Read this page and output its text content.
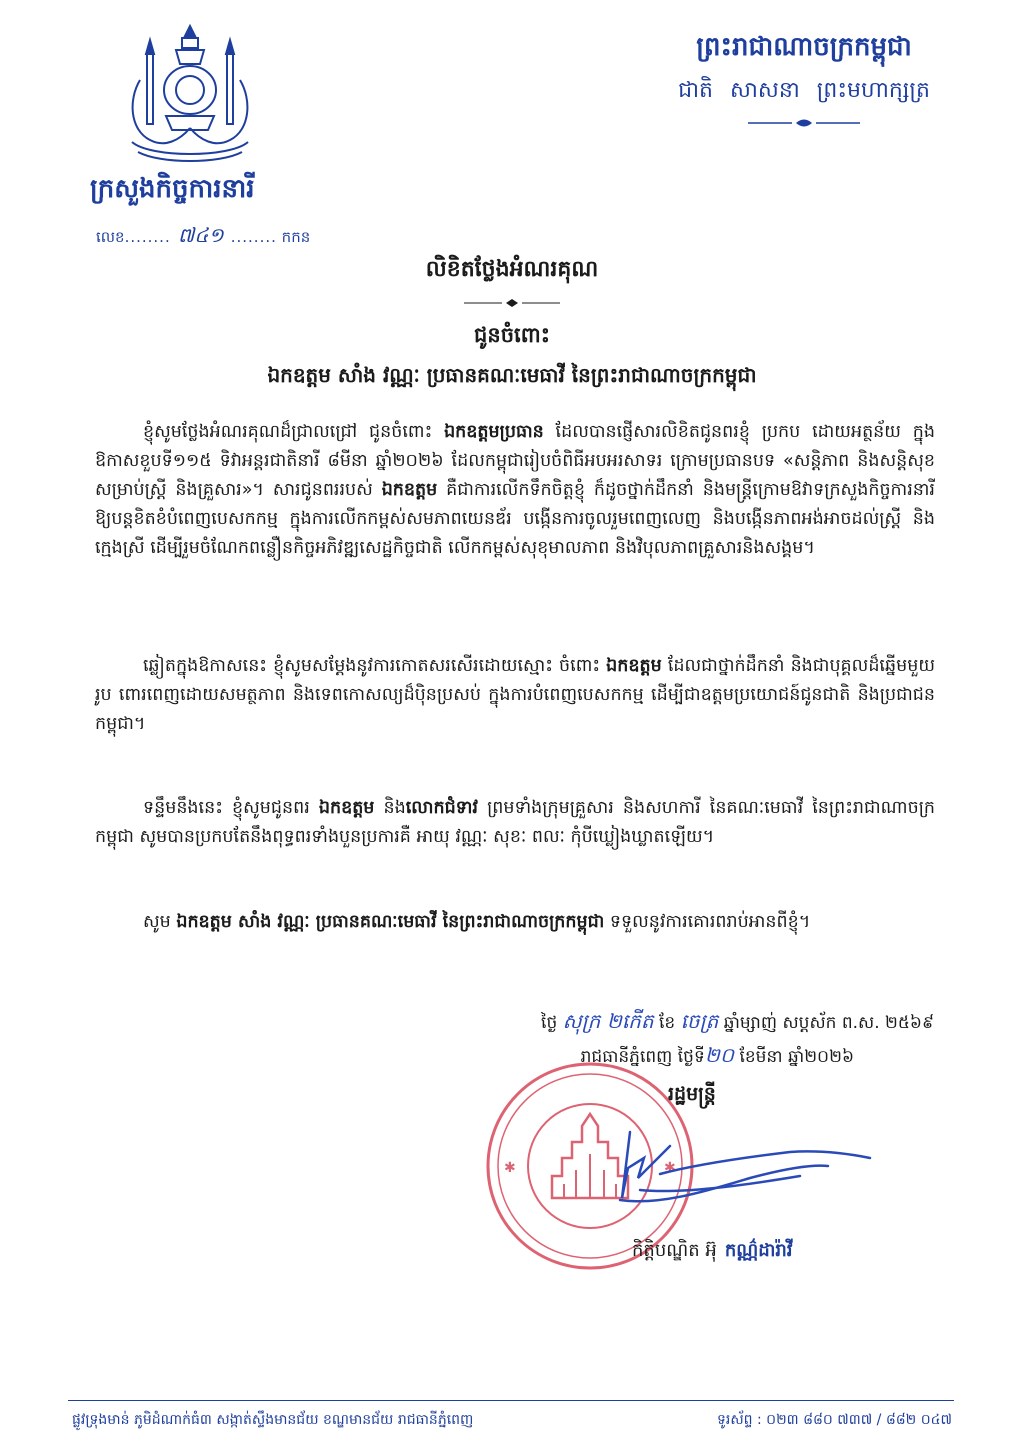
ក្រសួងកិច្ចការនារី
លេខ........ ៧៤១ ........ កកន
ព្រះរាជាណាចក្រកម្ពុជា
ជាតិ សាសនា ព្រះមហាក្សត្រ
លិខិតថ្លែងអំណរគុណ
ជូនចំពោះ
ឯកឧត្ដម សាំង វណ្ណៈ ប្រធានគណៈមេធាវី នៃព្រះរាជាណាចក្រកម្ពុជា
ខ្ញុំសូមថ្លែងអំណរគុណដ៏ជ្រាលជ្រៅ ជូនចំពោះ ឯកឧត្ដមប្រធាន ដែលបានផ្ញើសារលិខិតជូនពរខ្ញុំ ប្រកប ដោយអត្ថន័យ ក្នុងឱកាសខួបទី១១៥ ទិវាអន្តរជាតិនារី ៨មីនា ឆ្នាំ២០២៦ ដែលកម្ពុជារៀបចំពិធីអបអរសាទរ ក្រោមប្រធានបទ «សន្តិភាព និងសន្តិសុខសម្រាប់ស្ត្រី និងគ្រួសារ»។ សារជូនពររបស់ ឯកឧត្ដម គឺជាការលើកទឹកចិត្តខ្ញុំ ក៏ដូចថ្នាក់ដឹកនាំ និងមន្ត្រីក្រោមឱវាទក្រសួងកិច្ចការនារី ឱ្យបន្តខិតខំបំពេញបេសកកម្ម ក្នុងការលើកកម្ពស់សមភាពយេនឌ័រ បង្កើនការចូលរួមពេញលេញ និងបង្កើនភាពអង់អាចដល់ស្ត្រី និងក្មេងស្រី ដើម្បីរួមចំណែកពន្លឿនកិច្ចអភិវឌ្ឍសេដ្ឋកិច្ចជាតិ លើកកម្ពស់សុខុមាលភាព និងវិបុលភាពគ្រួសារនិងសង្គម។
ឆ្លៀតក្នុងឱកាសនេះ ខ្ញុំសូមសម្ដែងនូវការកោតសរសើរដោយស្មោះ ចំពោះ ឯកឧត្ដម ដែលជាថ្នាក់ដឹកនាំ និងជាបុគ្គលដ៏ឆ្នើមមួយរូប ពោរពេញដោយសមត្ថភាព និងទេពកោសល្យដ៏ប៉ិនប្រសប់ ក្នុងការបំពេញបេសកកម្ម ដើម្បីជាឧត្តមប្រយោជន៍ជូនជាតិ និងប្រជាជនកម្ពុជា។
ទន្ទឹមនឹងនេះ ខ្ញុំសូមជូនពរ ឯកឧត្ដម និងលោកជំទាវ ព្រមទាំងក្រុមគ្រួសារ និងសហការី នៃគណៈមេធាវី នៃព្រះរាជាណាចក្រកម្ពុជា សូមបានប្រកបតែនឹងពុទ្ធពរទាំងបួនប្រការគឺ អាយុ វណ្ណៈ សុខៈ ពលៈ កុំបីឃ្លៀងឃ្លាតឡើយ។
សូម ឯកឧត្ដម សាំង វណ្ណៈ ប្រធានគណៈមេធាវី នៃព្រះរាជាណាចក្រកម្ពុជា ទទួលនូវការគោរពរាប់អានពីខ្ញុំ។
ថ្ងៃ សុក្រ ២កើត ខែ ចេត្រ ឆ្នាំម្សាញ់ សប្តស័ក ព.ស. ២៥៦៩
រាជធានីភ្នំពេញ ថ្ងៃទី២០ ខែមីនា ឆ្នាំ២០២៦
✱	✱
រដ្ឋមន្ត្រី
កិត្តិបណ្ឌិត អ៊ុ កណ្ណ៌ដារ៉ាវី
ផ្លូវទ្រុងមាន់ ភូមិដំណាក់ធំ៣ សង្កាត់ស្ទឹងមានជ័យ ខណ្ឌមានជ័យ រាជធានីភ្នំពេញ	ទូរស័ព្ទ : ០២៣ ៨៨០ ៧៣៧ / ៨៨២ ០៤៧
